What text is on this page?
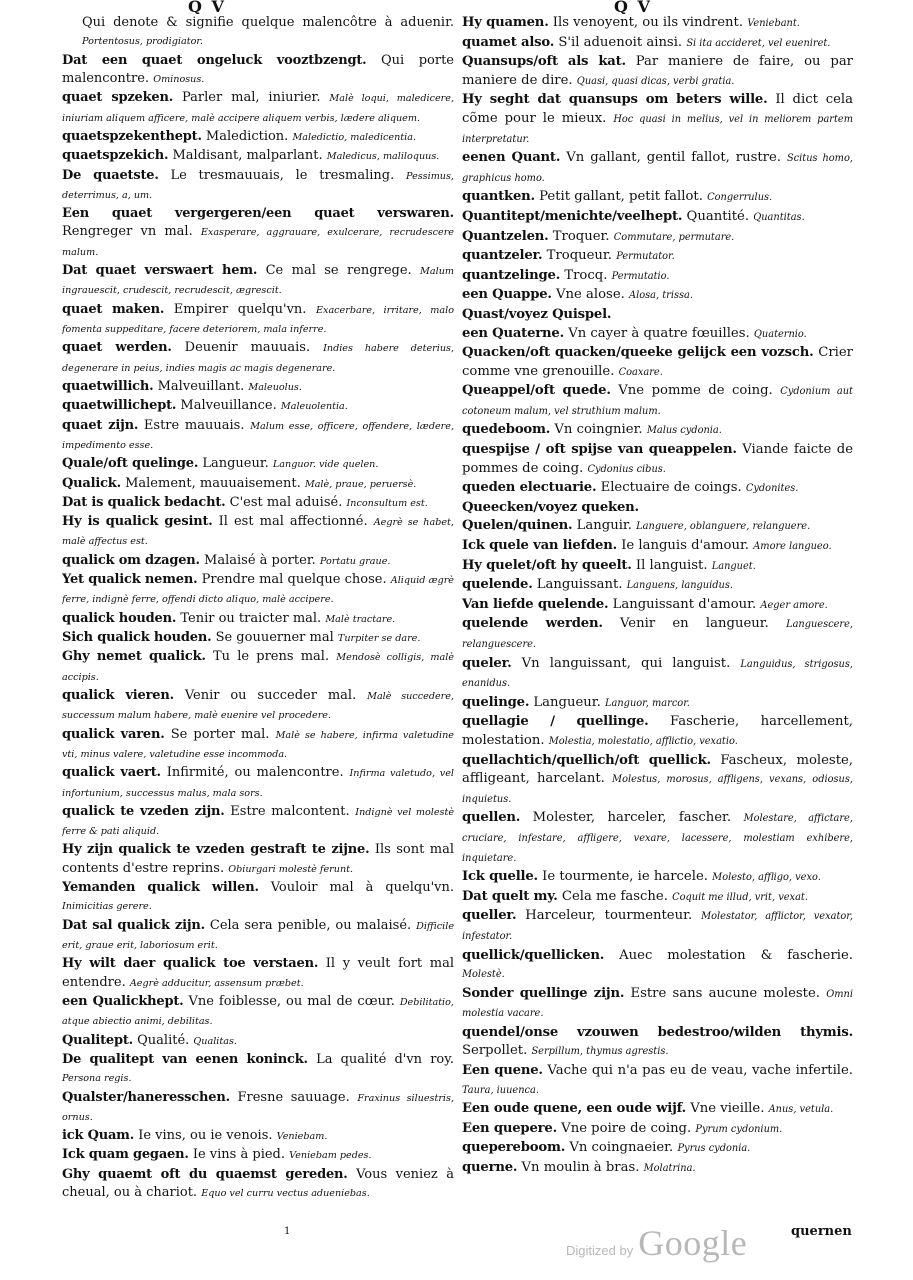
Q V	Q V

Qui denote & signifie quelque malencôtre à aduenir. Portentosus, prodigiator.

Dat een quaet ongeluck vooztbzengt. Qui porte malencontre. Ominosus.

quaet spzeken. Parler mal, iniurier. Malè loqui, maledicere, iniuriam aliquem afficere, malè accipere aliquem verbis, lædere aliquem.

quaetspzekenthept. Malediction. Maledictio, maledicentia.

quaetspzekich. Maldisant, malparlant. Maledicus, maliloquus.

De quaetste. Le tresmauuais, le tresmaling. Pessimus, deterrimus, a, um.

Een quaet vergergeren/een quaet verswaren. Rengreger vn mal. Exasperare, aggrauare, exulcerare, recrudescere malum.

Dat quaet verswaert hem. Ce mal se rengrege. Malum ingrauescit, crudescit, recrudescit, ægrescit.

quaet maken. Empirer quelqu'vn. Exacerbare, irritare, malo fomenta suppeditare, facere deteriorem, mala inferre.

quaet werden. Deuenir mauuais. Indies habere deterius, degenerare in peius, indies magis ac magis degenerare.

quaetwillich. Malveuillant. Maleuolus.

quaetwillichept. Malveuillance. Maleuolentia.

quaet zijn. Estre mauuais. Malum esse, officere, offendere, lædere, impedimento esse.

Quale/oft quelinge. Langueur. Languor. vide quelen.

Qualick. Malement, mauuaisement. Malè, praue, peruersè.

Dat is qualick bedacht. C'est mal aduisé. Inconsultum est.

Hy is qualick gesint. Il est mal affectionné. Aegrè se habet, malè affectus est.

qualick om dzagen. Malaisé à porter. Portatu graue.

Yet qualick nemen. Prendre mal quelque chose. Aliquid ægrè ferre, indignè ferre, offendi dicto aliquo, malè accipere.

qualick houden. Tenir ou traicter mal. Malè tractare.

Sich qualick houden. Se gouuerner mal Turpiter se dare.

Ghy nemet qualick. Tu le prens mal. Mendosè colligis, malè accipis.

qualick vieren. Venir ou succeder mal. Malè succedere, successum malum habere, malè euenire vel procedere.

qualick varen. Se porter mal. Malè se habere, infirma valetudine vti, minus valere, valetudine esse incommoda.

qualick vaert. Infirmité, ou malencontre. Infirma valetudo, vel infortunium, successus malus, mala sors.

qualick te vzeden zijn. Estre malcontent. Indignè vel molestè ferre & pati aliquid.

Hy zijn qualick te vzeden gestraft te zijne. Ils sont mal contents d'estre reprins. Obiurgari molestè ferunt.

Yemanden qualick willen. Vouloir mal à quelqu'vn. Inimicitias gerere.

Dat sal qualick zijn. Cela sera penible, ou malaisé. Difficile erit, graue erit, laboriosum erit.

Hy wilt daer qualick toe verstaen. Il y veult fort mal entendre. Aegrè adducitur, assensum præbet.

een Qualickhept. Vne foiblesse, ou mal de cœur. Debilitatio, atque abiectio animi, debilitas.

Qualitept. Qualité. Qualitas.

De qualitept van eenen koninck. La qualité d'vn roy. Persona regis.

Qualster/haneresschen. Fresne sauuage. Fraxinus siluestris, ornus.

ick Quam. Ie vins, ou ie venois. Veniebam.

Ick quam gegaen. Ie vins à pied. Veniebam pedes.

Ghy quaemt oft du quaemst gereden. Vous veniez à cheual, ou à chariot. Equo vel curru vectus adueniebas.

Hy quamen. Ils venoyent, ou ils vindrent. Veniebant.

quamet also. S'il aduenoit ainsi. Si ita accideret, vel eueniret.

Quansups/oft als kat. Par maniere de faire, ou par maniere de dire. Quasi, quasi dicas, verbi gratia.

Hy seght dat quansups om beters wille. Il dict cela cõme pour le mieux. Hoc quasi in melius, vel in meliorem partem interpretatur.

eenen Quant. Vn gallant, gentil fallot, rustre. Scitus homo, graphicus homo.

quantken. Petit gallant, petit fallot. Congerrulus.

Quantitept/menichte/veelhept. Quantité. Quantitas.

Quantzelen. Troquer. Commutare, permutare.

quantzeler. Troqueur. Permutator.

quantzelinge. Trocq. Permutatio.

een Quappe. Vne alose. Alosa, trissa.

Quast/voyez Quispel.

een Quaterne. Vn cayer à quatre fœuilles. Quaternio.

Quacken/oft quacken/queeke gelijck een vozsch. Crier comme vne grenouille. Coaxare.

Queappel/oft quede. Vne pomme de coing. Cydonium aut cotoneum malum, vel struthium malum.

quedeboom. Vn coingnier. Malus cydonia.

quespijse / oft spijse van queappelen. Viande faicte de pommes de coing. Cydonius cibus.

queden electuarie. Electuaire de coings. Cydonites.

Queecken/voyez queken.

Quelen/quinen. Languir. Languere, oblanguere, relanguere.

Ick quele van liefden. Ie languis d'amour. Amore langueo.

Hy quelet/oft hy queelt. Il languist. Languet.

quelende. Languissant. Languens, languidus.

Van liefde quelende. Languissant d'amour. Aeger amore.

quelende werden. Venir en langueur. Languescere, relanguescere.

queler. Vn languissant, qui languist. Languidus, strigosus, enanidus.

quelinge. Langueur. Languor, marcor.

quellagie / quellinge. Fascherie, harcellement, molestation. Molestia, molestatio, afflictio, vexatio.

quellachtich/quellich/oft quellick. Fascheux, moleste, affligeant, harcelant. Molestus, morosus, affligens, vexans, odiosus, inquietus.

quellen. Molester, harceler, fascher. Molestare, affictare, cruciare, infestare, affligere, vexare, lacessere, molestiam exhibere, inquietare.

Ick quelle. Ie tourmente, ie harcele. Molesto, affligo, vexo.

Dat quelt my. Cela me fasche. Coquit me illud, vrit, vexat.

queller. Harceleur, tourmenteur. Molestator, afflictor, vexator, infestator.

quellick/quellicken. Auec molestation & fascherie. Molestè.

Sonder quellinge zijn. Estre sans aucune moleste. Omni molestia vacare.

quendel/onse vzouwen bedestroo/wilden thymis. Serpollet. Serpillum, thymus agrestis.

Een quene. Vache qui n'a pas eu de veau, vache infertile. Taura, iuuenca.

Een oude quene, een oude wijf. Vne vieille. Anus, vetula.

Een quepere. Vne poire de coing. Pyrum cydonium.

quepereboom. Vn coingnaeier. Pyrus cydonia.

querne. Vn moulin à bras. Molatrina.

1
Digitized by Google	quernen
